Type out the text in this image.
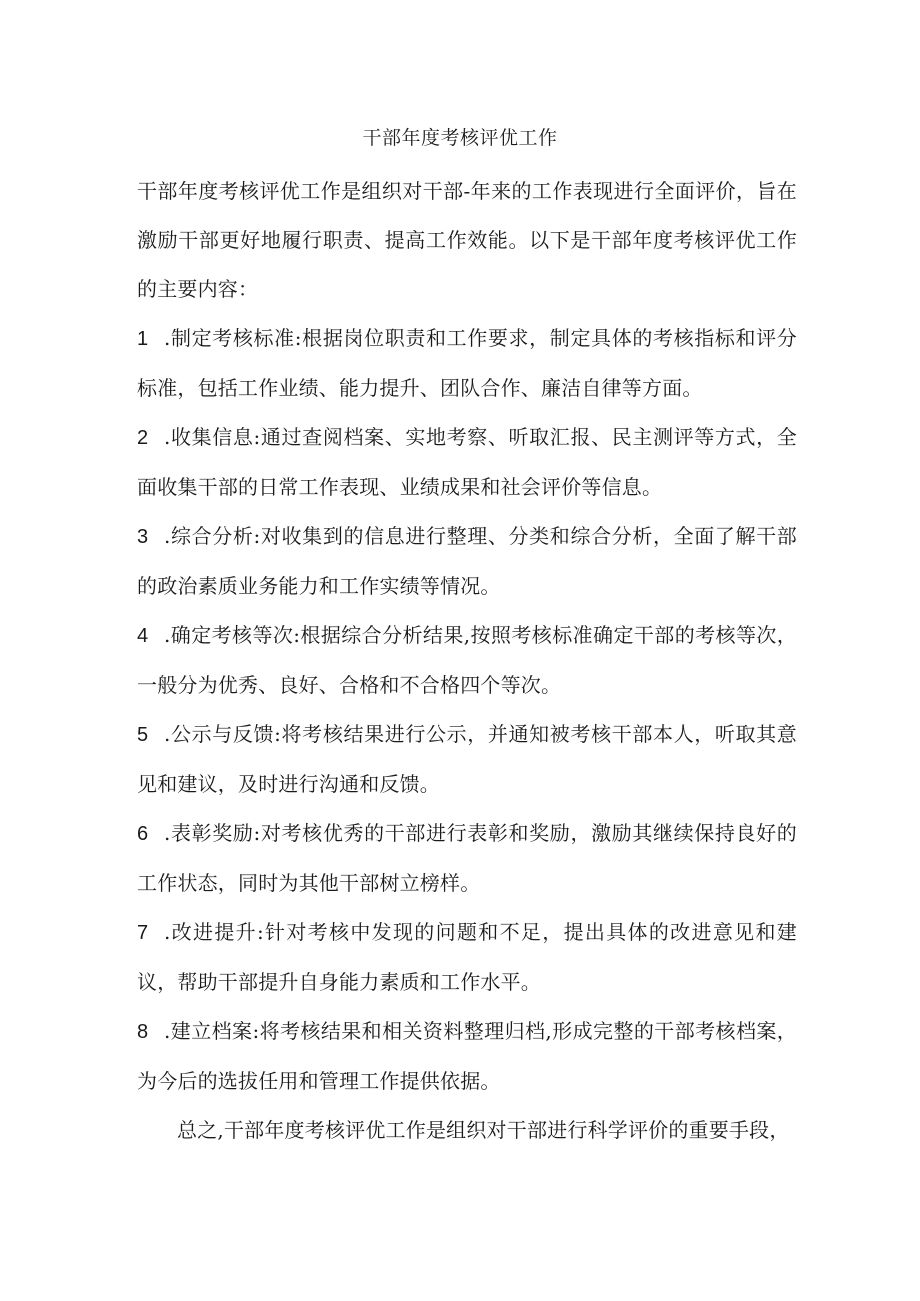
干部年度考核评优工作

干部年度考核评优工作是组织对干部-年来的工作表现进行全面评价，旨在激励干部更好地履行职责、提高工作效能。以下是干部年度考核评优工作的主要内容：

1 .制定考核标准:根据岗位职责和工作要求，制定具体的考核指标和评分标准，包括工作业绩、能力提升、团队合作、廉洁自律等方面。

2 .收集信息:通过查阅档案、实地考察、听取汇报、民主测评等方式，全面收集干部的日常工作表现、业绩成果和社会评价等信息。

3 .综合分析:对收集到的信息进行整理、分类和综合分析，全面了解干部的政治素质业务能力和工作实绩等情况。

4 .确定考核等次:根据综合分析结果,按照考核标准确定干部的考核等次，一般分为优秀、良好、合格和不合格四个等次。

5 .公示与反馈:将考核结果进行公示，并通知被考核干部本人，听取其意见和建议，及时进行沟通和反馈。

6 .表彰奖励:对考核优秀的干部进行表彰和奖励，激励其继续保持良好的工作状态，同时为其他干部树立榜样。

7 .改进提升:针对考核中发现的问题和不足，提出具体的改进意见和建议，帮助干部提升自身能力素质和工作水平。

8 .建立档案:将考核结果和相关资料整理归档,形成完整的干部考核档案，为今后的选拔任用和管理工作提供依据。

总之,干部年度考核评优工作是组织对干部进行科学评价的重要手段，
